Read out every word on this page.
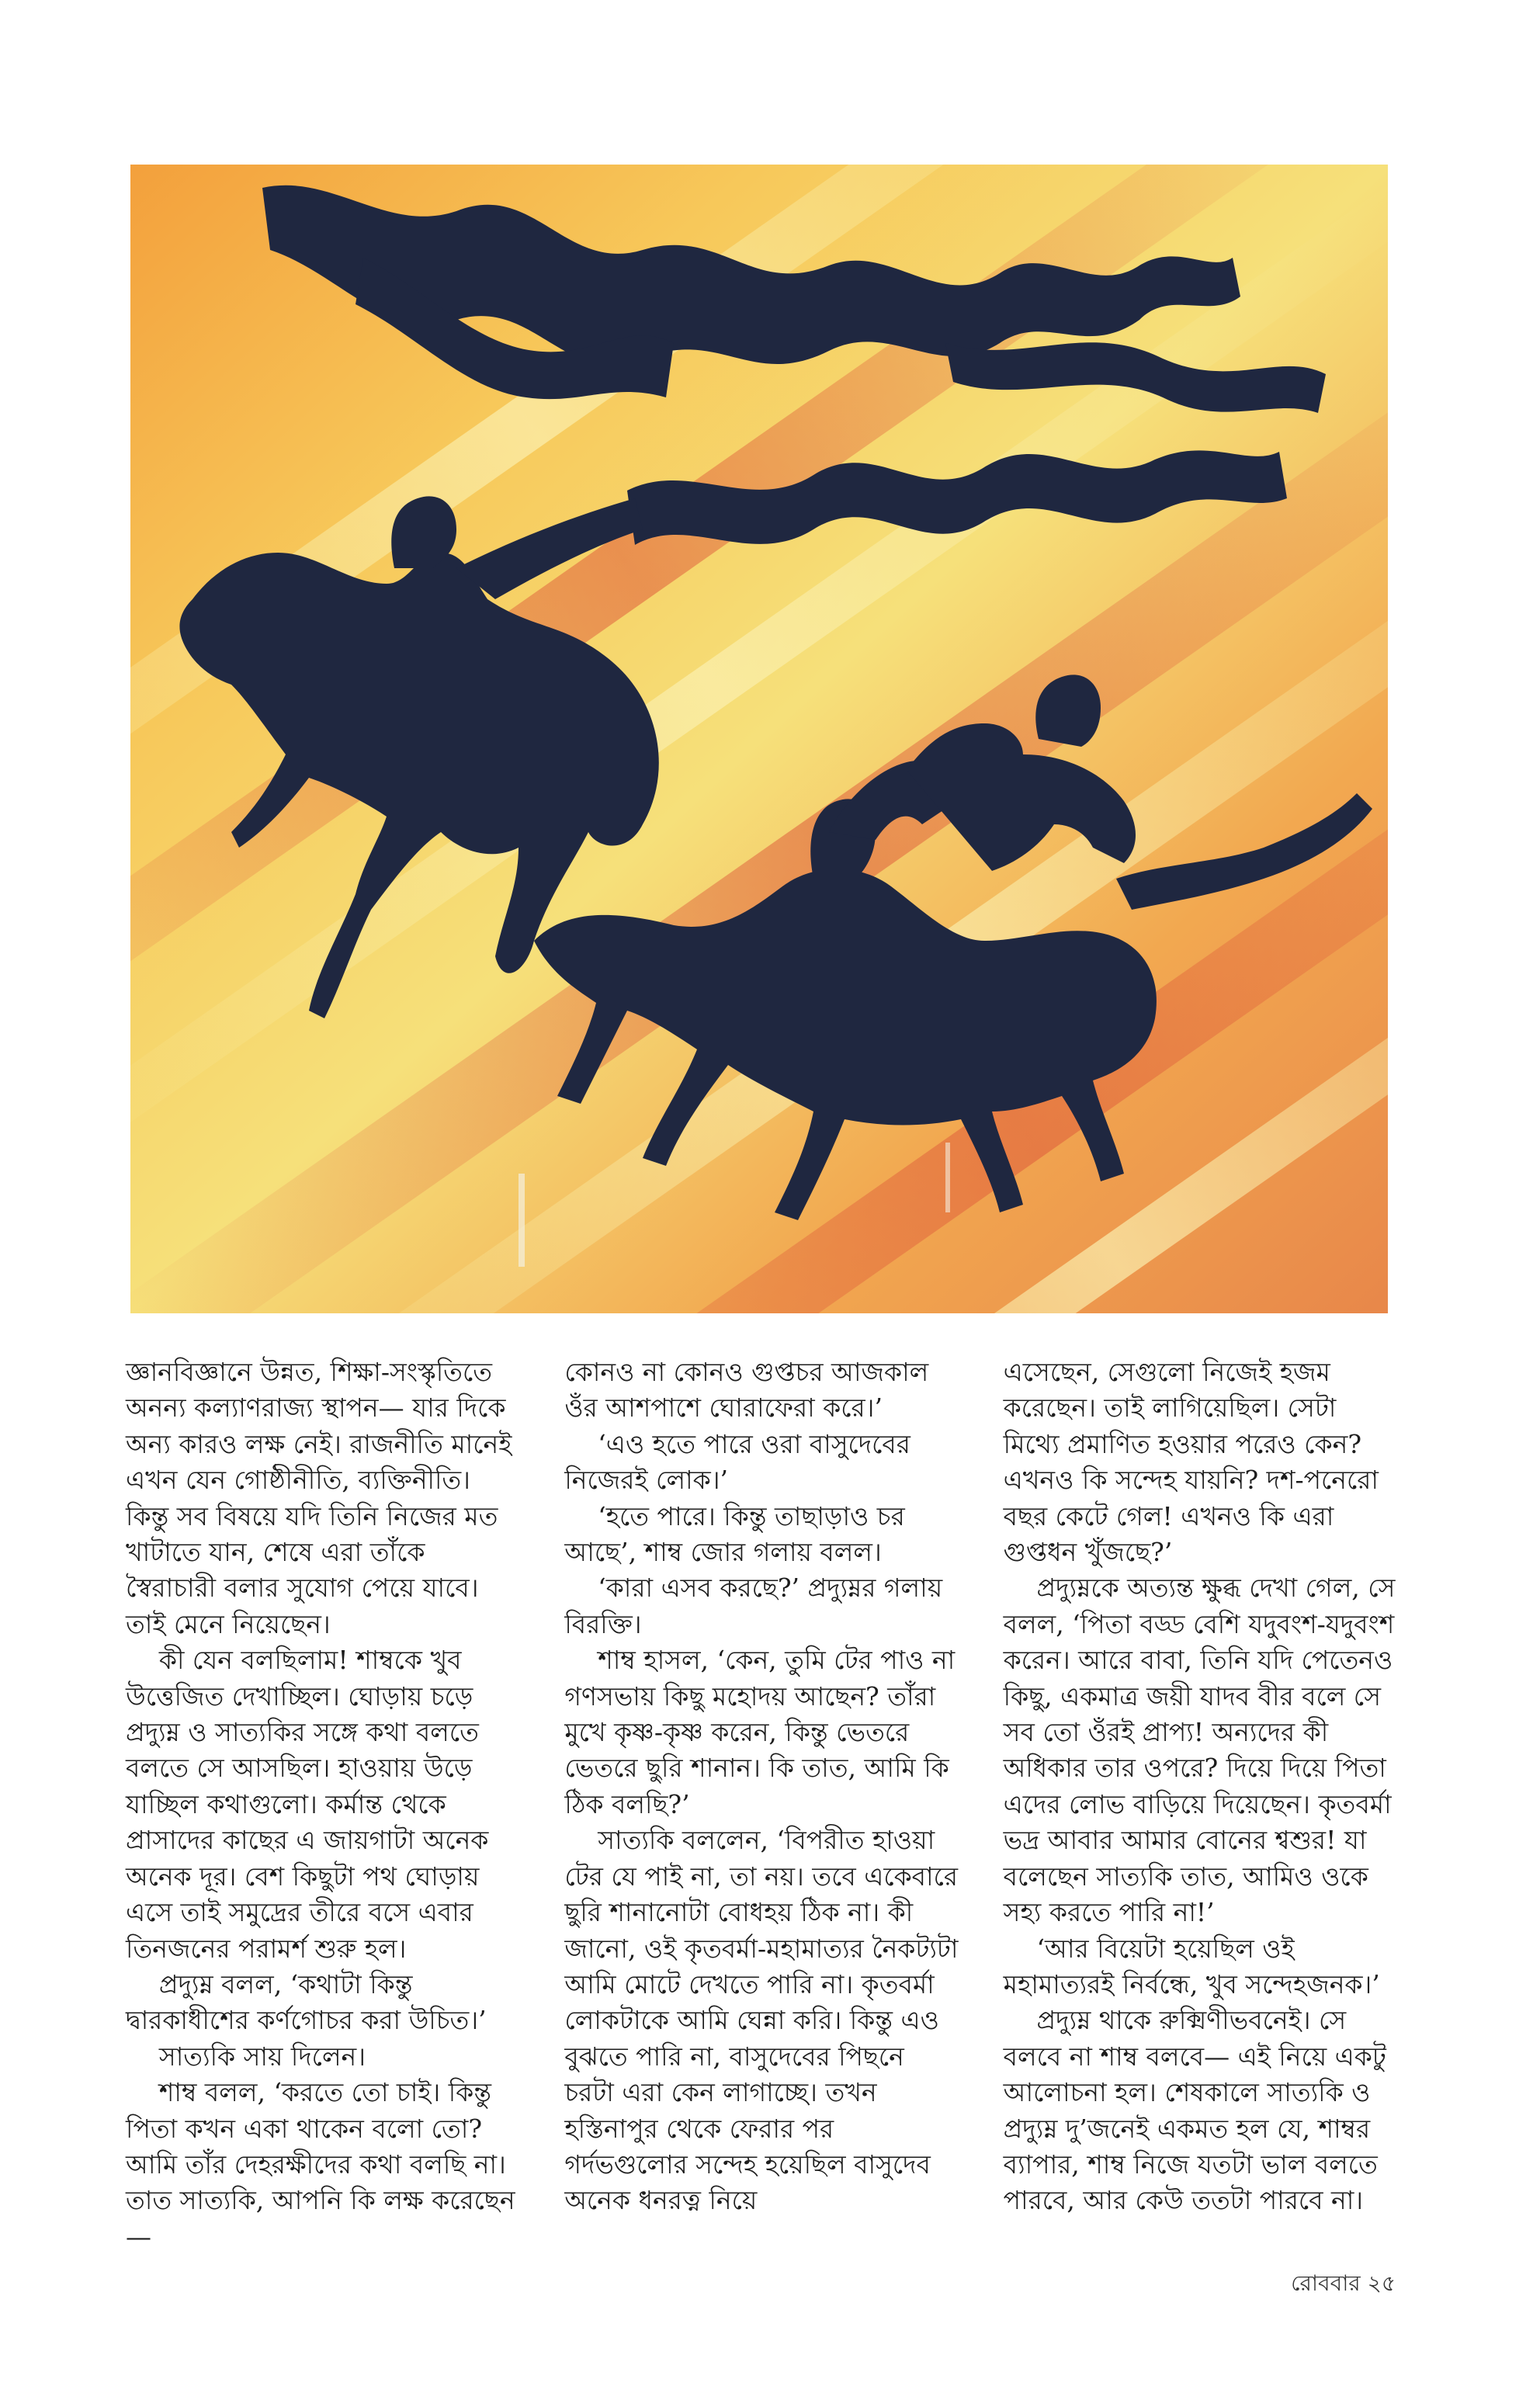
জ্ঞানবিজ্ঞানে উন্নত, শিক্ষা-সংস্কৃতিতে অনন্য কল্যাণরাজ্য স্থাপন— যার দিকে অন্য কারও লক্ষ নেই। রাজনীতি মানেই এখন যেন গোষ্ঠীনীতি, ব্যক্তিনীতি। কিন্তু সব বিষয়ে যদি তিনি নিজের মত খাটাতে যান, শেষে এরা তাঁকে স্বৈরাচারী বলার সুযোগ পেয়ে যাবে। তাই মেনে নিয়েছেন।

কী যেন বলছিলাম! শাম্বকে খুব উত্তেজিত দেখাচ্ছিল। ঘোড়ায় চড়ে প্রদ্যুম্ন ও সাত্যকির সঙ্গে কথা বলতে বলতে সে আসছিল। হাওয়ায় উড়ে যাচ্ছিল কথাগুলো। কর্মান্ত থেকে প্রাসাদের কাছের এ জায়গাটা অনেক অনেক দূর। বেশ কিছুটা পথ ঘোড়ায় এসে তাই সমুদ্রের তীরে বসে এবার তিনজনের পরামর্শ শুরু হল।

প্রদ্যুম্ন বলল, ‘কথাটা কিন্তু দ্বারকাধীশের কর্ণগোচর করা উচিত।’

সাত্যকি সায় দিলেন।

শাম্ব বলল, ‘করতে তো চাই। কিন্তু পিতা কখন একা থাকেন বলো তো? আমি তাঁর দেহরক্ষীদের কথা বলছি না। তাত সাত্যকি, আপনি কি লক্ষ করেছেন—

কোনও না কোনও গুপ্তচর আজকাল ওঁর আশপাশে ঘোরাফেরা করে।’

‘এও হতে পারে ওরা বাসুদেবের নিজেরই লোক।’

‘হতে পারে। কিন্তু তাছাড়াও চর আছে’, শাম্ব জোর গলায় বলল।

‘কারা এসব করছে?’ প্রদ্যুম্নর গলায় বিরক্তি।

শাম্ব হাসল, ‘কেন, তুমি টের পাও না গণসভায় কিছু মহোদয় আছেন? তাঁরা মুখে কৃষ্ণ-কৃষ্ণ করেন, কিন্তু ভেতরে ভেতরে ছুরি শানান। কি তাত, আমি কি ঠিক বলছি?’

সাত্যকি বললেন, ‘বিপরীত হাওয়া টের যে পাই না, তা নয়। তবে একেবারে ছুরি শানানোটা বোধহয় ঠিক না। কী জানো, ওই কৃতবর্মা-মহামাত্যর নৈকট্যটা আমি মোটে দেখতে পারি না। কৃতবর্মা লোকটাকে আমি ঘেন্না করি। কিন্তু এও বুঝতে পারি না, বাসুদেবের পিছনে চরটা এরা কেন লাগাচ্ছে। তখন হস্তিনাপুর থেকে ফেরার পর গর্দভগুলোর সন্দেহ হয়েছিল বাসুদেব অনেক ধনরত্ন নিয়ে

এসেছেন, সেগুলো নিজেই হজম করেছেন। তাই লাগিয়েছিল। সেটা মিথ্যে প্রমাণিত হওয়ার পরেও কেন? এখনও কি সন্দেহ যায়নি? দশ-পনেরো বছর কেটে গেল! এখনও কি এরা গুপ্তধন খুঁজছে?’

প্রদ্যুম্নকে অত্যন্ত ক্ষুব্ধ দেখা গেল, সে বলল, ‘পিতা বড্ড বেশি যদুবংশ-যদুবংশ করেন। আরে বাবা, তিনি যদি পেতেনও কিছু, একমাত্র জয়ী যাদব বীর বলে সে সব তো ওঁরই প্রাপ্য! অন্যদের কী অধিকার তার ওপরে? দিয়ে দিয়ে পিতা এদের লোভ বাড়িয়ে দিয়েছেন। কৃতবর্মা ভদ্র আবার আমার বোনের শ্বশুর! যা বলেছেন সাত্যকি তাত, আমিও ওকে সহ্য করতে পারি না!’

‘আর বিয়েটা হয়েছিল ওই মহামাত্যরই নির্বন্ধে, খুব সন্দেহজনক।’

প্রদ্যুম্ন থাকে রুক্মিণীভবনেই। সে বলবে না শাম্ব বলবে— এই নিয়ে একটু আলোচনা হল। শেষকালে সাত্যকি ও প্রদ্যুম্ন দু’জনেই একমত হল যে, শাম্বর ব্যাপার, শাম্ব নিজে যতটা ভাল বলতে পারবে, আর কেউ ততটা পারবে না।

রোববার ২৫
